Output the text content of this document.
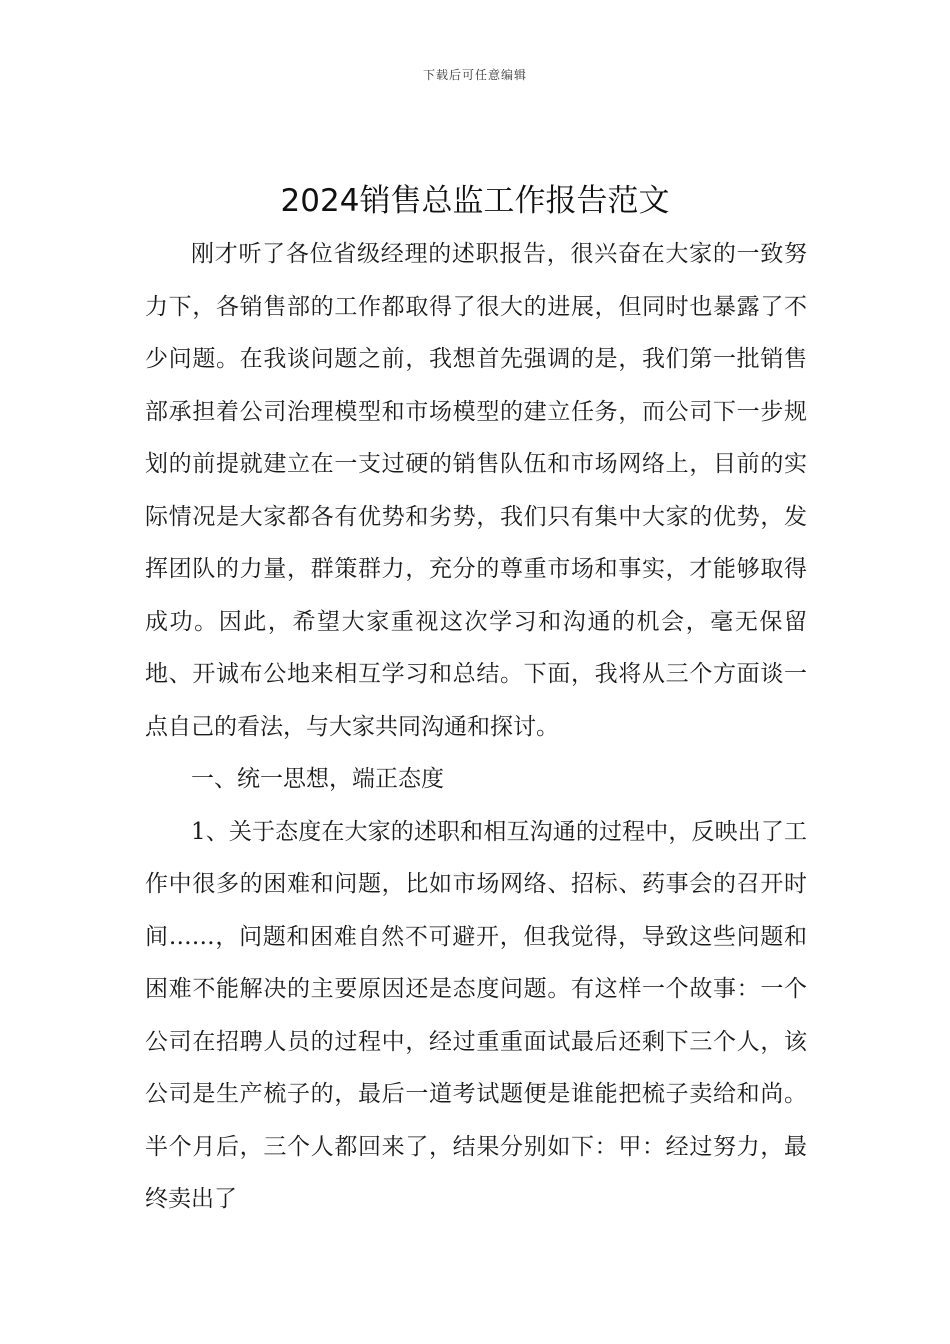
下载后可任意编辑
2024销售总监工作报告范文

刚才听了各位省级经理的述职报告，很兴奋在大家的一致努力下，各销售部的工作都取得了很大的进展，但同时也暴露了不少问题。在我谈问题之前，我想首先强调的是，我们第一批销售部承担着公司治理模型和市场模型的建立任务，而公司下一步规划的前提就建立在一支过硬的销售队伍和市场网络上，目前的实际情况是大家都各有优势和劣势，我们只有集中大家的优势，发挥团队的力量，群策群力，充分的尊重市场和事实，才能够取得成功。因此，希望大家重视这次学习和沟通的机会，毫无保留地、开诚布公地来相互学习和总结。下面，我将从三个方面谈一点自己的看法，与大家共同沟通和探讨。

一、统一思想，端正态度

1、关于态度在大家的述职和相互沟通的过程中，反映出了工作中很多的困难和问题，比如市场网络、招标、药事会的召开时间……，问题和困难自然不可避开，但我觉得，导致这些问题和困难不能解决的主要原因还是态度问题。有这样一个故事：一个公司在招聘人员的过程中，经过重重面试最后还剩下三个人，该公司是生产梳子的，最后一道考试题便是谁能把梳子卖给和尚。半个月后，三个人都回来了，结果分别如下：甲：经过努力，最终卖出了
